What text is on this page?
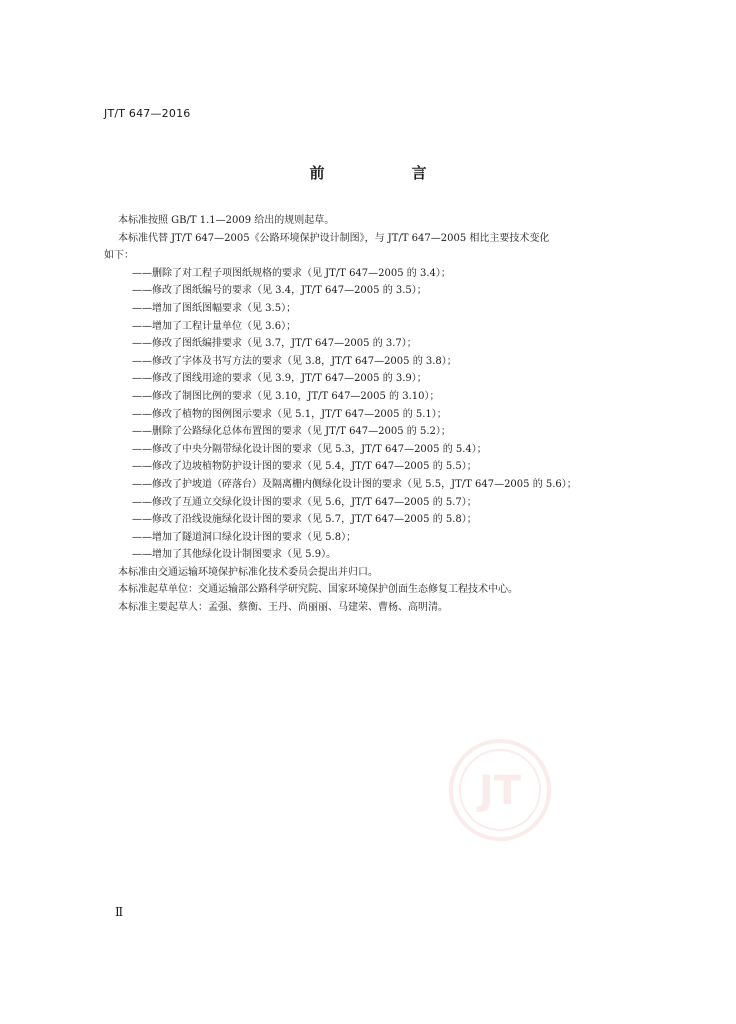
JT/T 647—2016
前　言

本标准按照 GB/T 1.1—2009 给出的规则起草。

本标准代替 JT/T 647—2005《公路环境保护设计制图》，与 JT/T 647—2005 相比主要技术变化

如下：

——删除了对工程子项图纸规格的要求（见 JT/T 647—2005 的 3.4）；

——修改了图纸编号的要求（见 3.4，JT/T 647—2005 的 3.5）；

——增加了图纸图幅要求（见 3.5）；

——增加了工程计量单位（见 3.6）；

——修改了图纸编排要求（见 3.7，JT/T 647—2005 的 3.7）；

——修改了字体及书写方法的要求（见 3.8，JT/T 647—2005 的 3.8）；

——修改了图线用途的要求（见 3.9，JT/T 647—2005 的 3.9）；

——修改了制图比例的要求（见 3.10，JT/T 647—2005 的 3.10）；

——修改了植物的图例图示要求（见 5.1，JT/T 647—2005 的 5.1）；

——删除了公路绿化总体布置图的要求（见 JT/T 647—2005 的 5.2）；

——修改了中央分隔带绿化设计图的要求（见 5.3，JT/T 647—2005 的 5.4）；

——修改了边坡植物防护设计图的要求（见 5.4，JT/T 647—2005 的 5.5）；

——修改了护坡道（碎落台）及隔离栅内侧绿化设计图的要求（见 5.5，JT/T 647—2005 的 5.6）；

——修改了互通立交绿化设计图的要求（见 5.6，JT/T 647—2005 的 5.7）；

——修改了沿线设施绿化设计图的要求（见 5.7，JT/T 647—2005 的 5.8）；

——增加了隧道洞口绿化设计图的要求（见 5.8）；

——增加了其他绿化设计制图要求（见 5.9）。

本标准由交通运输环境保护标准化技术委员会提出并归口。

本标准起草单位：交通运输部公路科学研究院、国家环境保护创面生态修复工程技术中心。

本标准主要起草人：孟强、蔡衡、王丹、尚丽丽、马建荣、曹杨、高明清。

JT
Ⅱ
